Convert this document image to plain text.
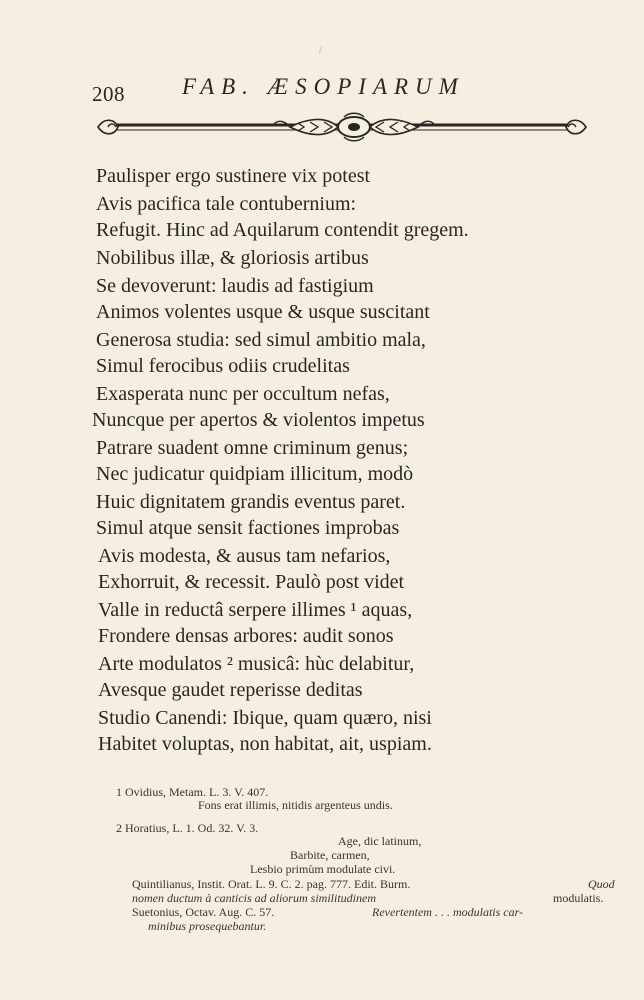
208 FAB. ÆSOPIARUM
Paulisper ergo sustinere vix potest
Avis pacifica tale contubernium:
Refugit. Hinc ad Aquilarum contendit gregem.
Nobilibus illæ, & gloriosis artibus
Se devoverunt: laudis ad fastigium
Animos volentes usque & usque suscitant
Generosa studia: sed simul ambitio mala,
Simul ferocibus odiis crudelitas
Exasperata nunc per occultum nefas,
Nuncque per apertos & violentos impetus
Patrare suadent omne criminum genus;
Nec judicatur quidpiam illicitum, modò
Huic dignitatem grandis eventus paret.
Simul atque sensit factiones improbas
Avis modesta, & ausus tam nefarios,
Exhorruit, & recessit. Paulò post videt
Valle in reductâ serpere illimes ¹ aquas,
Frondere densas arbores: audit sonos
Arte modulatos ² musicâ: hùc delabitur,
Avesque gaudet reperisse deditas
Studio Canendi: Ibique, quam quæro, nisi
Habitet voluptas, non habitat, ait, uspiam.
1 Ovidius, Metam. L. 3. V. 407.
Fons erat illimis, nitidis argenteus undis.
2 Horatius, L. 1. Od. 32. V. 3.
Age, dic latinum,
Barbite, carmen,
Lesbio primùm modulate civi.
Quintilianus, Instit. Orat. L. 9. C. 2. pag. 777. Edit. Burm.	Quod
nomen ductum à canticis ad aliorum similitudinem	modulatis.
Suetonius, Octav. Aug. C. 57.	Revertentem . . . modulatis car-
minibus prosequebantur.
